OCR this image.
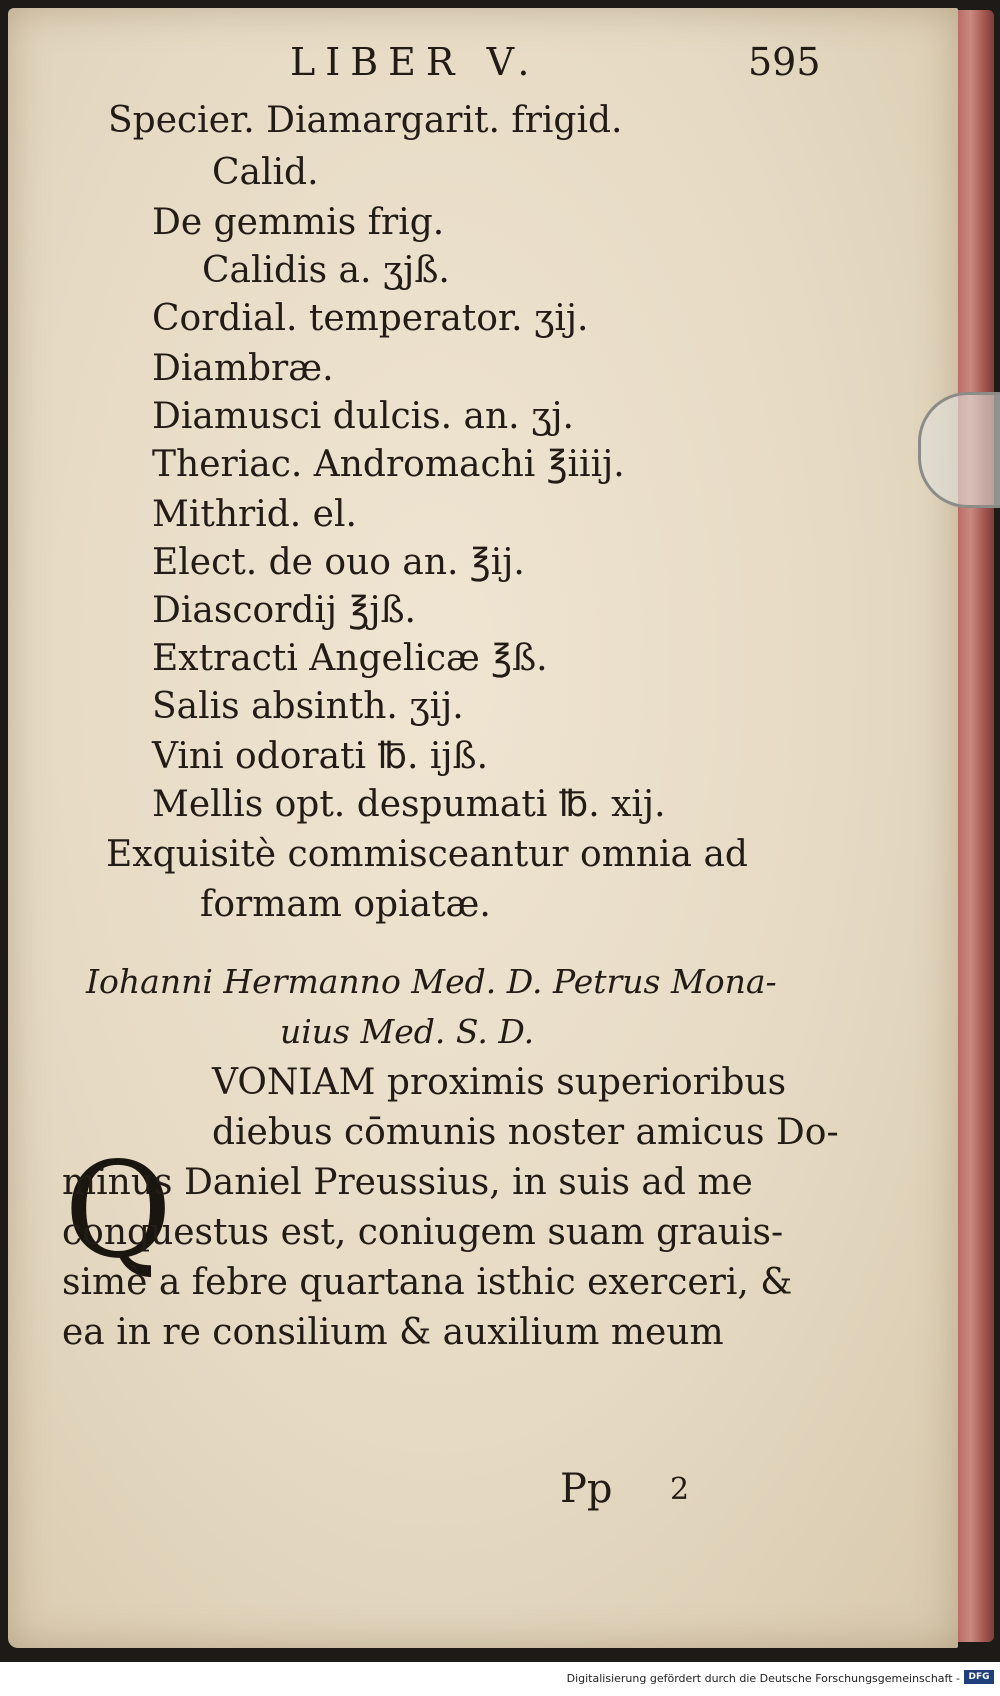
LIBER V.	595
Specier. Diamargarit. frigid.
Calid.
De gemmis frig.
Calidis a. ʒjß.
Cordial. temperator. ʒij.
Diambræ.
Diamusci dulcis. an. ʒj.
Theriac. Andromachi ℥iiij.
Mithrid. el.
Elect. de ouo an. ℥ij.
Diascordij ℥jß.
Extracti Angelicæ ℥ß.
Salis absinth. ʒij.
Vini odorati ℔. ijß.
Mellis opt. despumati ℔. xij.
Exquisitè commisceantur omnia ad
formam opiatæ.
Iohanni Hermanno Med. D. Petrus Mona-
uius Med. S. D.
Q
VONIAM proximis superioribus
diebus cōmunis noster amicus Do-
minus Daniel Preussius, in suis ad me
conquestus est, coniugem suam grauis-
simè a febre quartana isthic exerceri, &
ea in re consilium & auxilium meum
Pp 2
Digitalisierung gefördert durch die Deutsche Forschungsgemeinschaft - DFG
